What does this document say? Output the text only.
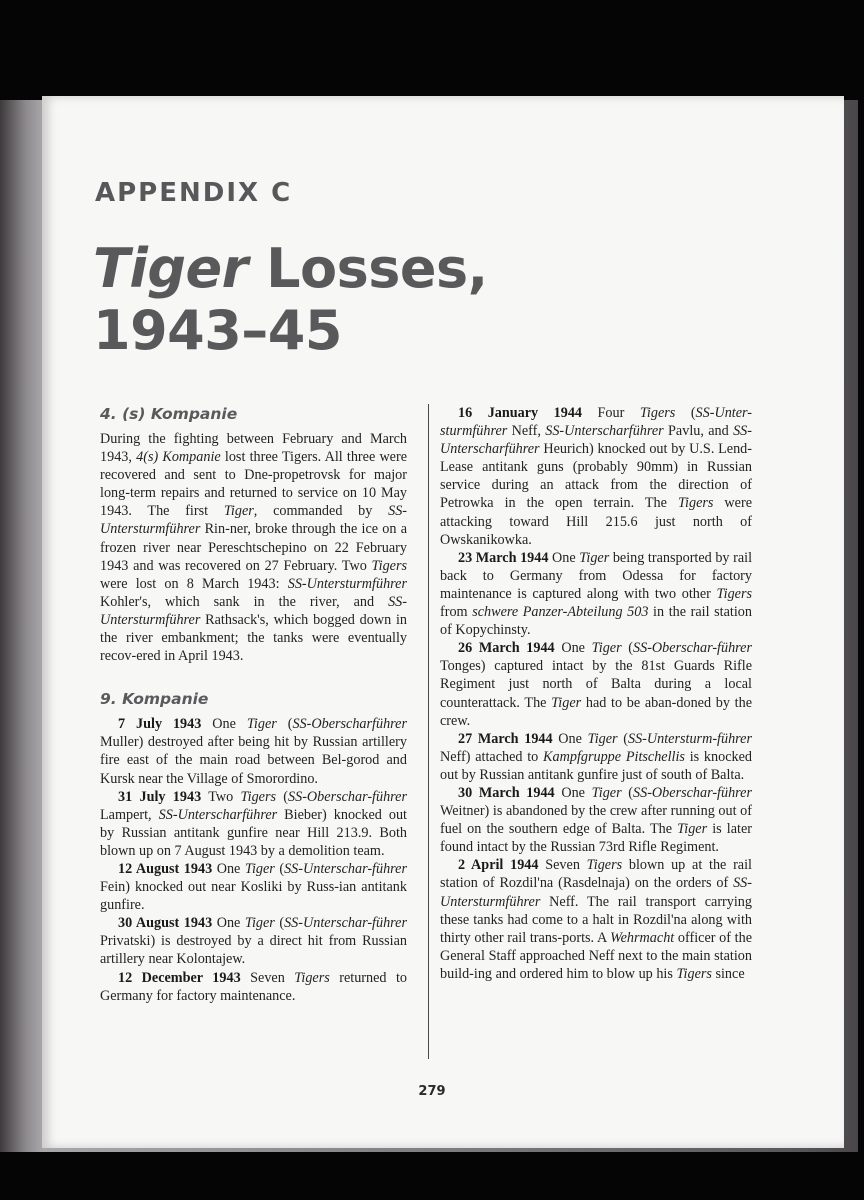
APPENDIX C
Tiger Losses,
1943–45
4. (s) Kompanie

During the fighting between February and March 1943, 4(s) Kompanie lost three Tigers. All three were recovered and sent to Dne-propetrovsk for major long-term repairs and returned to service on 10 May 1943. The first Tiger, commanded by SS-Untersturmführer Rin-ner, broke through the ice on a frozen river near Pereschtschepino on 22 February 1943 and was recovered on 27 February. Two Tigers were lost on 8 March 1943: SS-Untersturmführer Kohler's, which sank in the river, and SS-Untersturmführer Rathsack's, which bogged down in the river embankment; the tanks were eventually recov-ered in April 1943.

9. Kompanie

7 July 1943 One Tiger (SS-Oberscharführer Muller) destroyed after being hit by Russian artillery fire east of the main road between Bel-gorod and Kursk near the Village of Smorordino.

31 July 1943 Two Tigers (SS-Oberschar-führer Lampert, SS-Unterscharführer Bieber) knocked out by Russian antitank gunfire near Hill 213.9. Both blown up on 7 August 1943 by a demolition team.

12 August 1943 One Tiger (SS-Unterschar-führer Fein) knocked out near Kosliki by Russ-ian antitank gunfire.

30 August 1943 One Tiger (SS-Unterschar-führer Privatski) is destroyed by a direct hit from Russian artillery near Kolontajew.

12 December 1943 Seven Tigers returned to Germany for factory maintenance.

16 January 1944 Four Tigers (SS-Unter-sturmführer Neff, SS-Unterscharführer Pavlu, and SS-Unterscharführer Heurich) knocked out by U.S. Lend-Lease antitank guns (probably 90mm) in Russian service during an attack from the direction of Petrowka in the open terrain. The Tigers were attacking toward Hill 215.6 just north of Owskanikowka.

23 March 1944 One Tiger being transported by rail back to Germany from Odessa for factory maintenance is captured along with two other Tigers from schwere Panzer-Abteilung 503 in the rail station of Kopychinsty.

26 March 1944 One Tiger (SS-Oberschar-führer Tonges) captured intact by the 81st Guards Rifle Regiment just north of Balta during a local counterattack. The Tiger had to be aban-doned by the crew.

27 March 1944 One Tiger (SS-Untersturm-führer Neff) attached to Kampfgruppe Pitschellis is knocked out by Russian antitank gunfire just of south of Balta.

30 March 1944 One Tiger (SS-Oberschar-führer Weitner) is abandoned by the crew after running out of fuel on the southern edge of Balta. The Tiger is later found intact by the Russian 73rd Rifle Regiment.

2 April 1944 Seven Tigers blown up at the rail station of Rozdil'na (Rasdelnaja) on the orders of SS-Untersturmführer Neff. The rail transport carrying these tanks had come to a halt in Rozdil'na along with thirty other rail trans-ports. A Wehrmacht officer of the General Staff approached Neff next to the main station build-ing and ordered him to blow up his Tigers since

279
